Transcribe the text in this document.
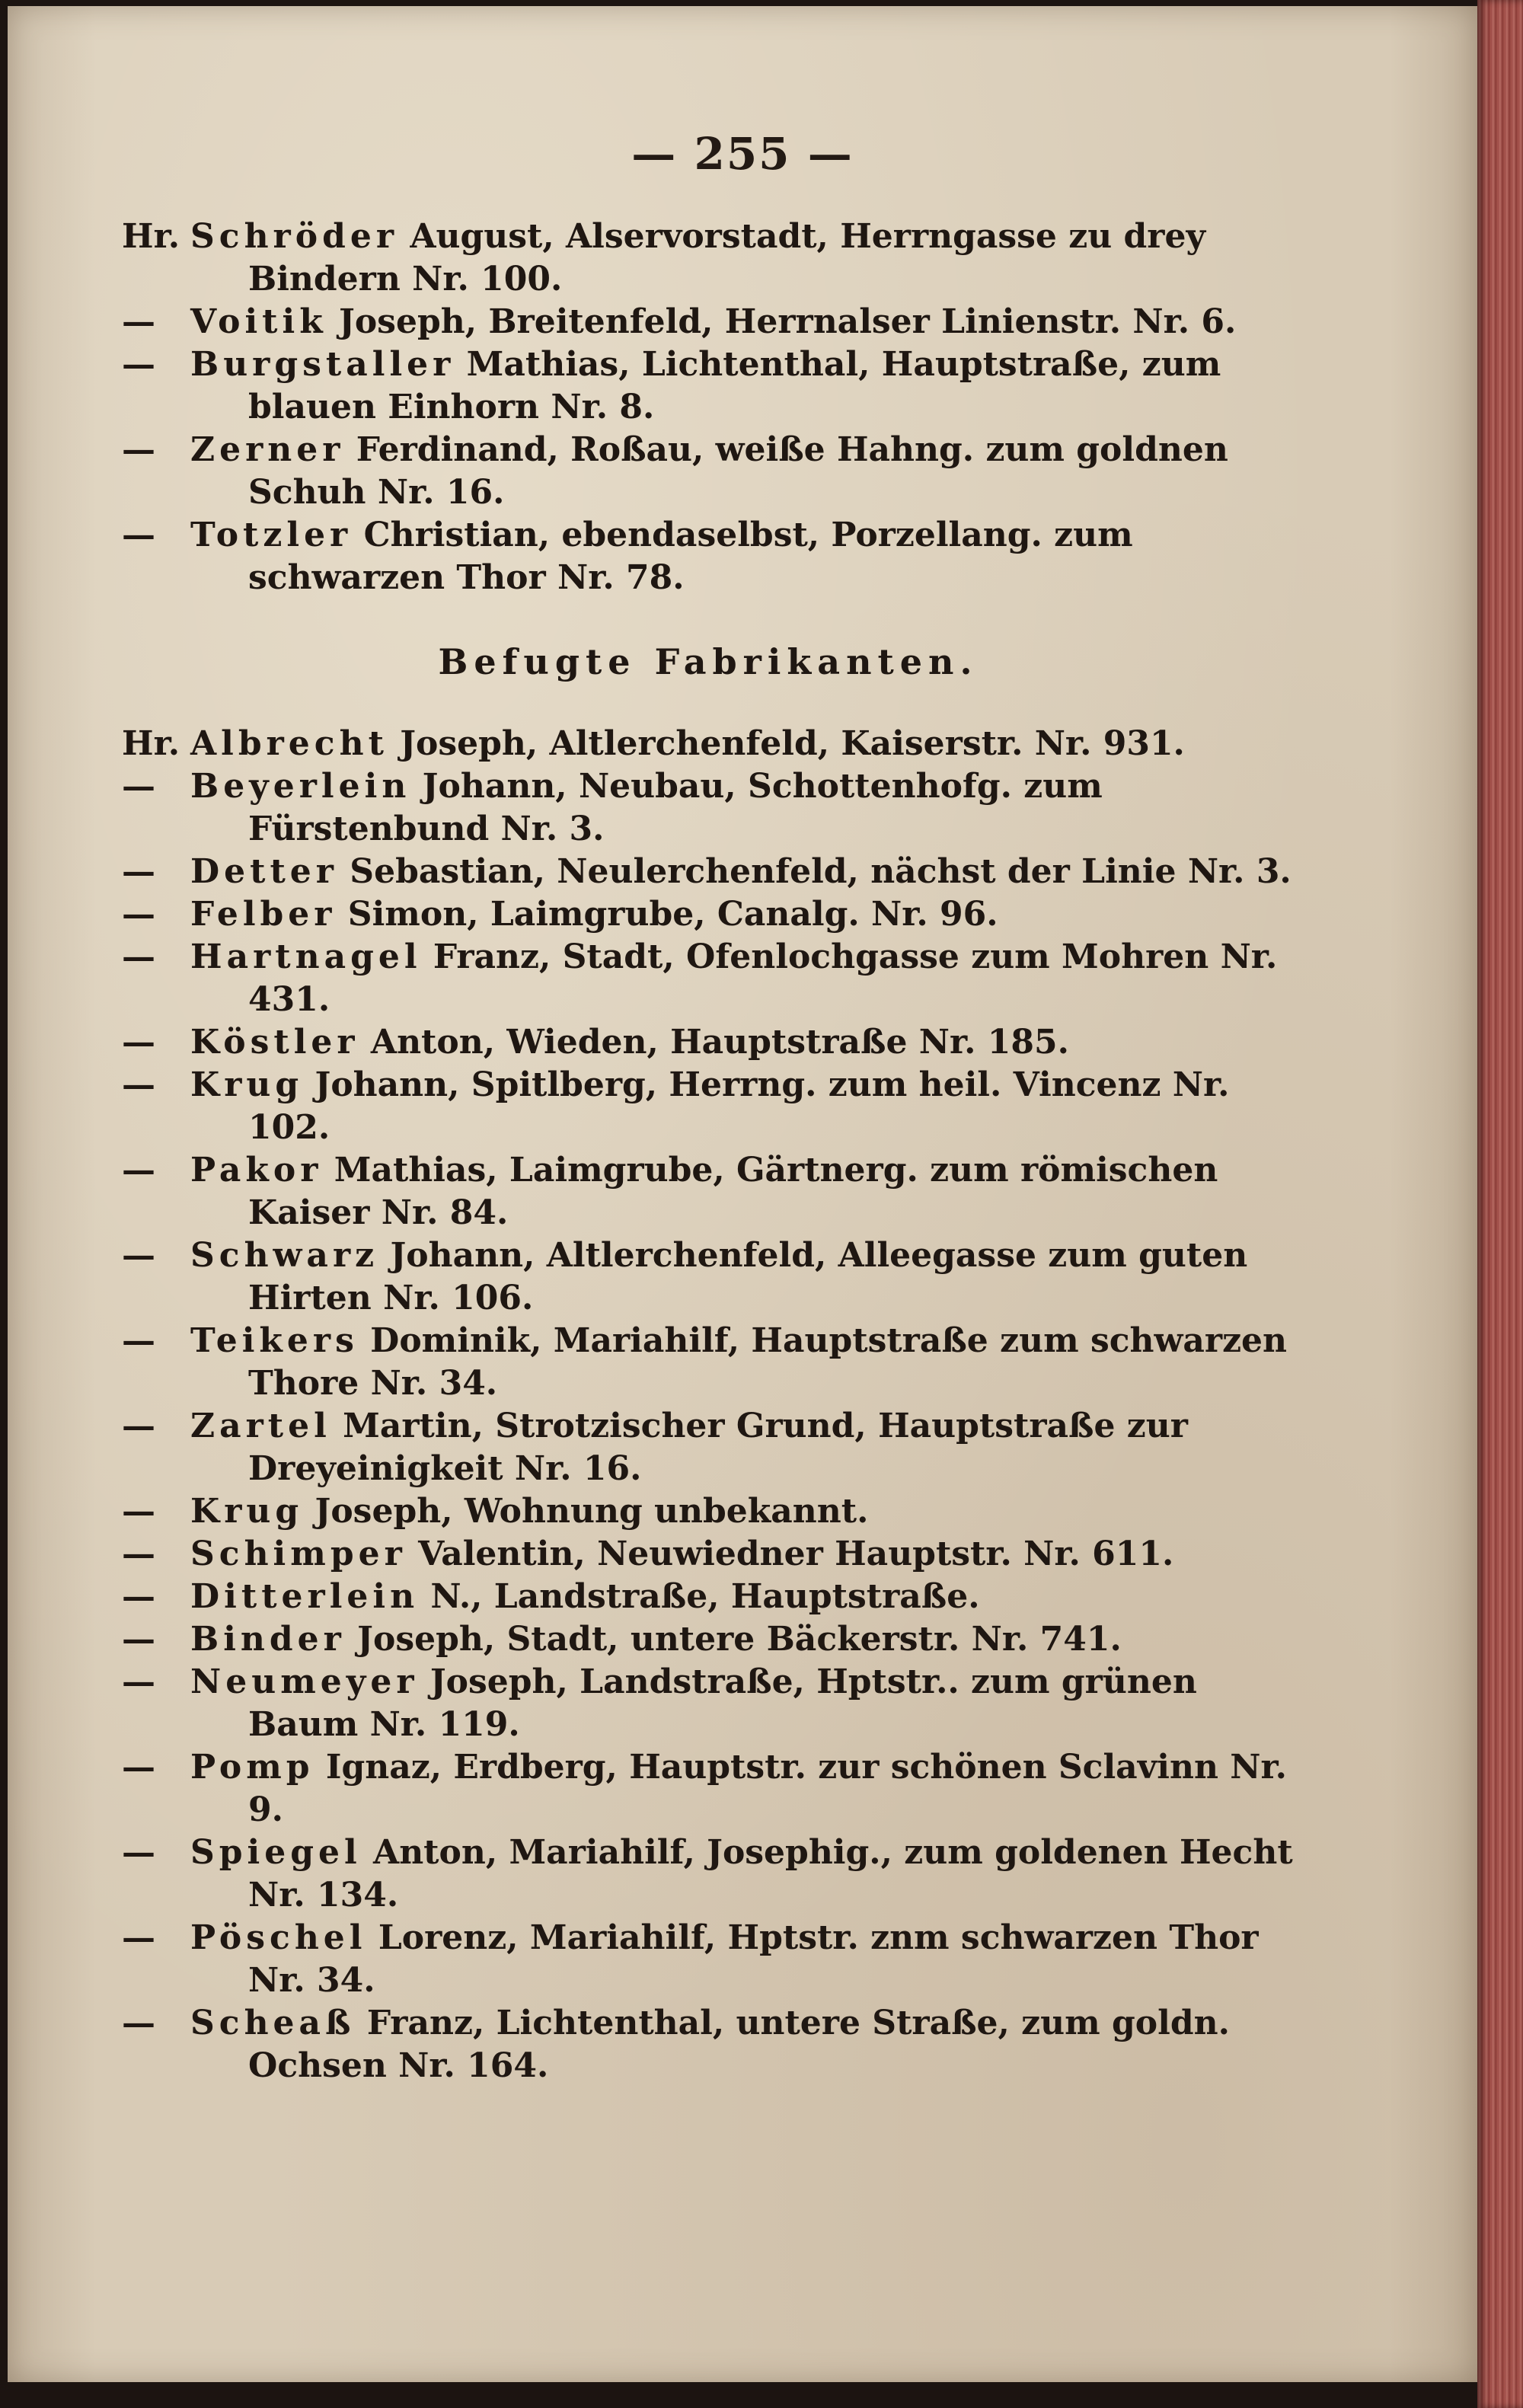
— 255 —
Hr. Schröder August, Alservorstadt, Herrngasse zu drey Bindern Nr. 100.
—	Voitik Joseph, Breitenfeld, Herrnalser Linienstr. Nr. 6.
—	Burgstaller Mathias, Lichtenthal, Hauptstraße, zum blauen Einhorn Nr. 8.
—	Zerner Ferdinand, Roßau, weiße Hahng. zum goldnen Schuh Nr. 16.
—	Totzler Christian, ebendaselbst, Porzellang. zum schwarzen Thor Nr. 78.
Befugte Fabrikanten.
Hr. Albrecht Joseph, Altlerchenfeld, Kaiserstr. Nr. 931.
—	Beyerlein Johann, Neubau, Schottenhofg. zum Fürstenbund Nr. 3.
—	Detter Sebastian, Neulerchenfeld, nächst der Linie Nr. 3.
—	Felber Simon, Laimgrube, Canalg. Nr. 96.
—	Hartnagel Franz, Stadt, Ofenlochgasse zum Mohren Nr. 431.
—	Köstler Anton, Wieden, Hauptstraße Nr. 185.
—	Krug Johann, Spitlberg, Herrng. zum heil. Vincenz Nr. 102.
—	Pakor Mathias, Laimgrube, Gärtnerg. zum römischen Kaiser Nr. 84.
—	Schwarz Johann, Altlerchenfeld, Alleegasse zum guten Hirten Nr. 106.
—	Teikers Dominik, Mariahilf, Hauptstraße zum schwarzen Thore Nr. 34.
—	Zartel Martin, Strotzischer Grund, Hauptstraße zur Dreyeinigkeit Nr. 16.
—	Krug Joseph, Wohnung unbekannt.
—	Schimper Valentin, Neuwiedner Hauptstr. Nr. 611.
—	Ditterlein N., Landstraße, Hauptstraße.
—	Binder Joseph, Stadt, untere Bäckerstr. Nr. 741.
—	Neumeyer Joseph, Landstraße, Hptstr.. zum grünen Baum Nr. 119.
—	Pomp Ignaz, Erdberg, Hauptstr. zur schönen Sclavinn Nr. 9.
—	Spiegel Anton, Mariahilf, Josephig., zum goldenen Hecht Nr. 134.
—	Pöschel Lorenz, Mariahilf, Hptstr. znm schwarzen Thor Nr. 34.
—	Scheaß Franz, Lichtenthal, untere Straße, zum goldn. Ochsen Nr. 164.
